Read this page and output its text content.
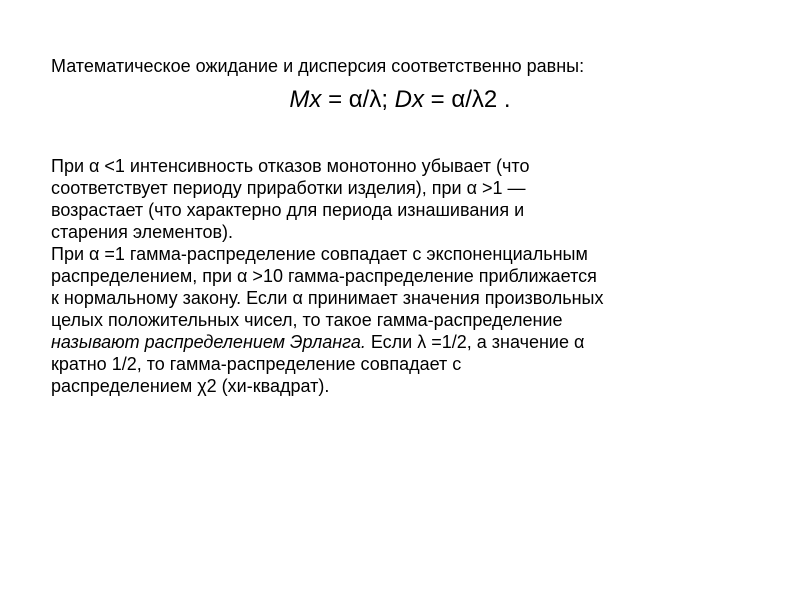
Математическое ожидание и дисперсия соответственно равны:
Mx = α/λ; Dx = α/λ2 .

При α <1 интенсивность отказов монотонно убывает (что
соответствует периоду приработки изделия), при α >1 —
возрастает (что характерно для периода изнашивания и
старения элементов).

При α =1 гамма-распределение совпадает с экспоненциальным
распределением, при α >10 гамма-распределение приближается
к нормальному закону. Если α принимает значения произвольных
целых положительных чисел, то такое гамма-распределение
называют распределением Эрланга. Если λ =1/2, а значение α
кратно 1/2, то гамма-распределение совпадает с
распределением χ2 (хи-квадрат).
